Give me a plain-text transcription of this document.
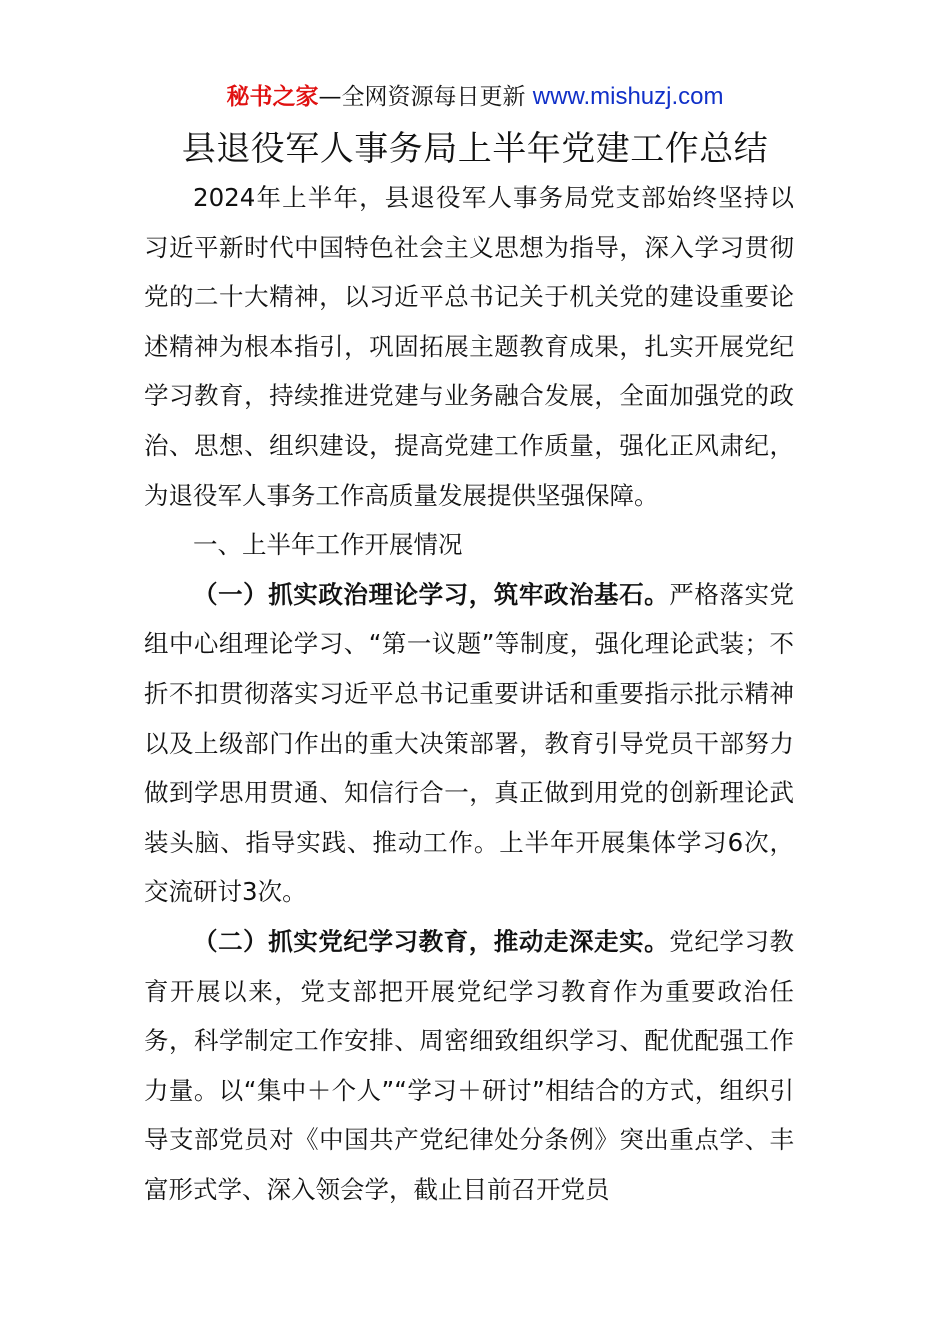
秘书之家—全网资源每日更新 www.mishuzj.com
县退役军人事务局上半年党建工作总结

2024年上半年，县退役军人事务局党支部始终坚持以习近平新时代中国特色社会主义思想为指导，深入学习贯彻党的二十大精神，以习近平总书记关于机关党的建设重要论述精神为根本指引，巩固拓展主题教育成果，扎实开展党纪学习教育，持续推进党建与业务融合发展，全面加强党的政治、思想、组织建设，提高党建工作质量，强化正风肃纪，为退役军人事务工作高质量发展提供坚强保障。

一、上半年工作开展情况

（一）抓实政治理论学习，筑牢政治基石。严格落实党组中心组理论学习、“第一议题”等制度，强化理论武装；不折不扣贯彻落实习近平总书记重要讲话和重要指示批示精神以及上级部门作出的重大决策部署，教育引导党员干部努力做到学思用贯通、知信行合一，真正做到用党的创新理论武装头脑、指导实践、推动工作。上半年开展集体学习6次，交流研讨3次。

（二）抓实党纪学习教育，推动走深走实。党纪学习教育开展以来，党支部把开展党纪学习教育作为重要政治任务，科学制定工作安排、周密细致组织学习、配优配强工作力量。以“集中＋个人”“学习＋研讨”相结合的方式，组织引导支部党员对《中国共产党纪律处分条例》突出重点学、丰富形式学、深入领会学，截止目前召开党员
